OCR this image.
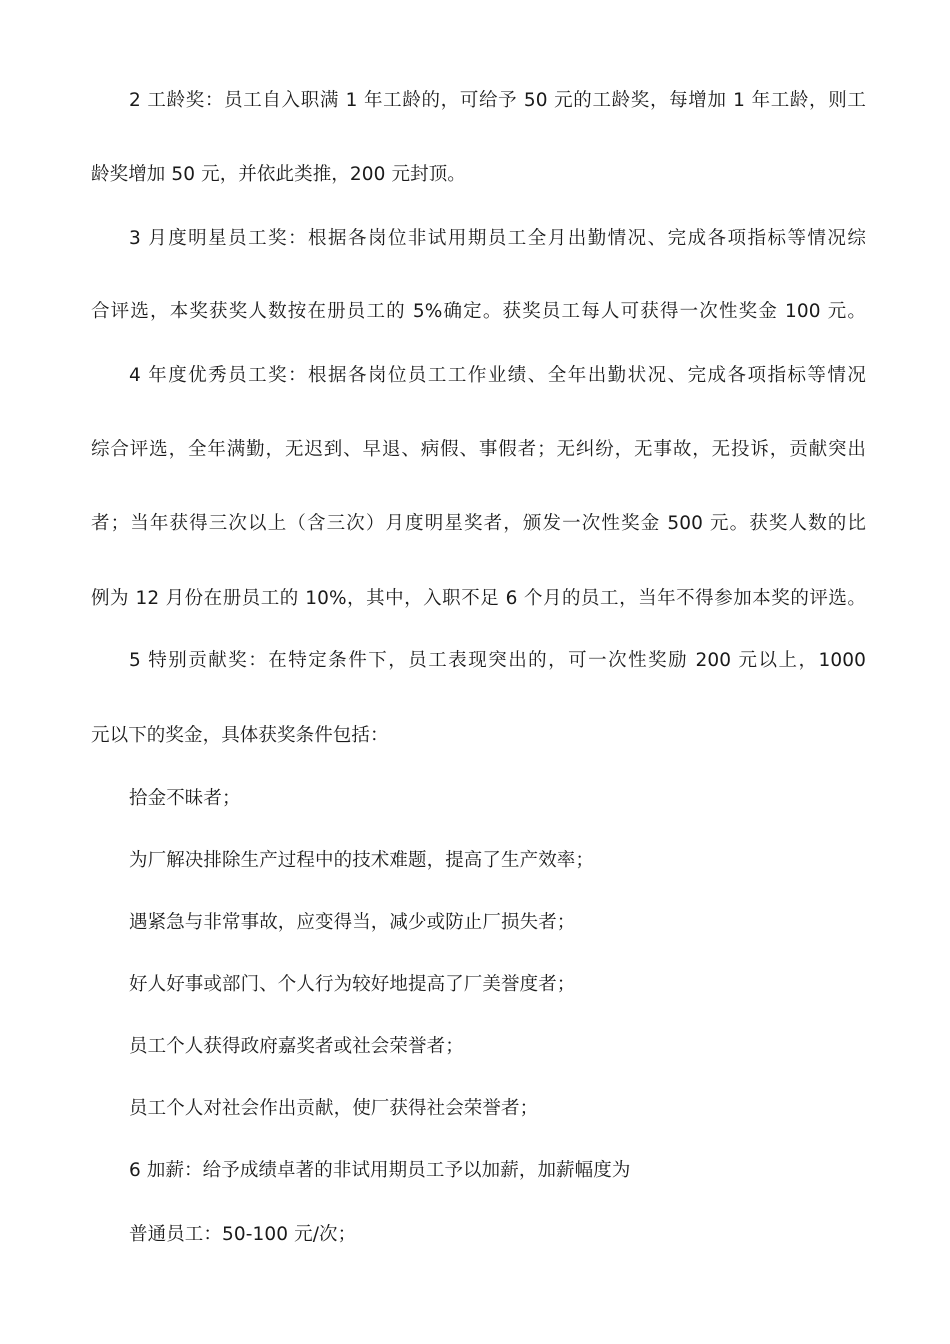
2 工龄奖：员工自入职满 1 年工龄的，可给予 50 元的工龄奖，每增加 1 年工龄，则工
龄奖增加 50 元，并依此类推，200 元封顶。
3 月度明星员工奖：根据各岗位非试用期员工全月出勤情况、完成各项指标等情况综
合评选，本奖获奖人数按在册员工的 5%确定。获奖员工每人可获得一次性奖金 100 元。
4 年度优秀员工奖：根据各岗位员工工作业绩、全年出勤状况、完成各项指标等情况
综合评选，全年满勤，无迟到、早退、病假、事假者；无纠纷，无事故，无投诉，贡献突出
者；当年获得三次以上（含三次）月度明星奖者，颁发一次性奖金 500 元。获奖人数的比
例为 12 月份在册员工的 10%，其中，入职不足 6 个月的员工，当年不得参加本奖的评选。
5 特别贡献奖：在特定条件下，员工表现突出的，可一次性奖励 200 元以上，1000
元以下的奖金，具体获奖条件包括：
拾金不昧者；
为厂解决排除生产过程中的技术难题，提高了生产效率；
遇紧急与非常事故，应变得当，减少或防止厂损失者；
好人好事或部门、个人行为较好地提高了厂美誉度者；
员工个人获得政府嘉奖者或社会荣誉者；
员工个人对社会作出贡献，使厂获得社会荣誉者；
6 加薪：给予成绩卓著的非试用期员工予以加薪，加薪幅度为
普通员工：50-100 元/次；
